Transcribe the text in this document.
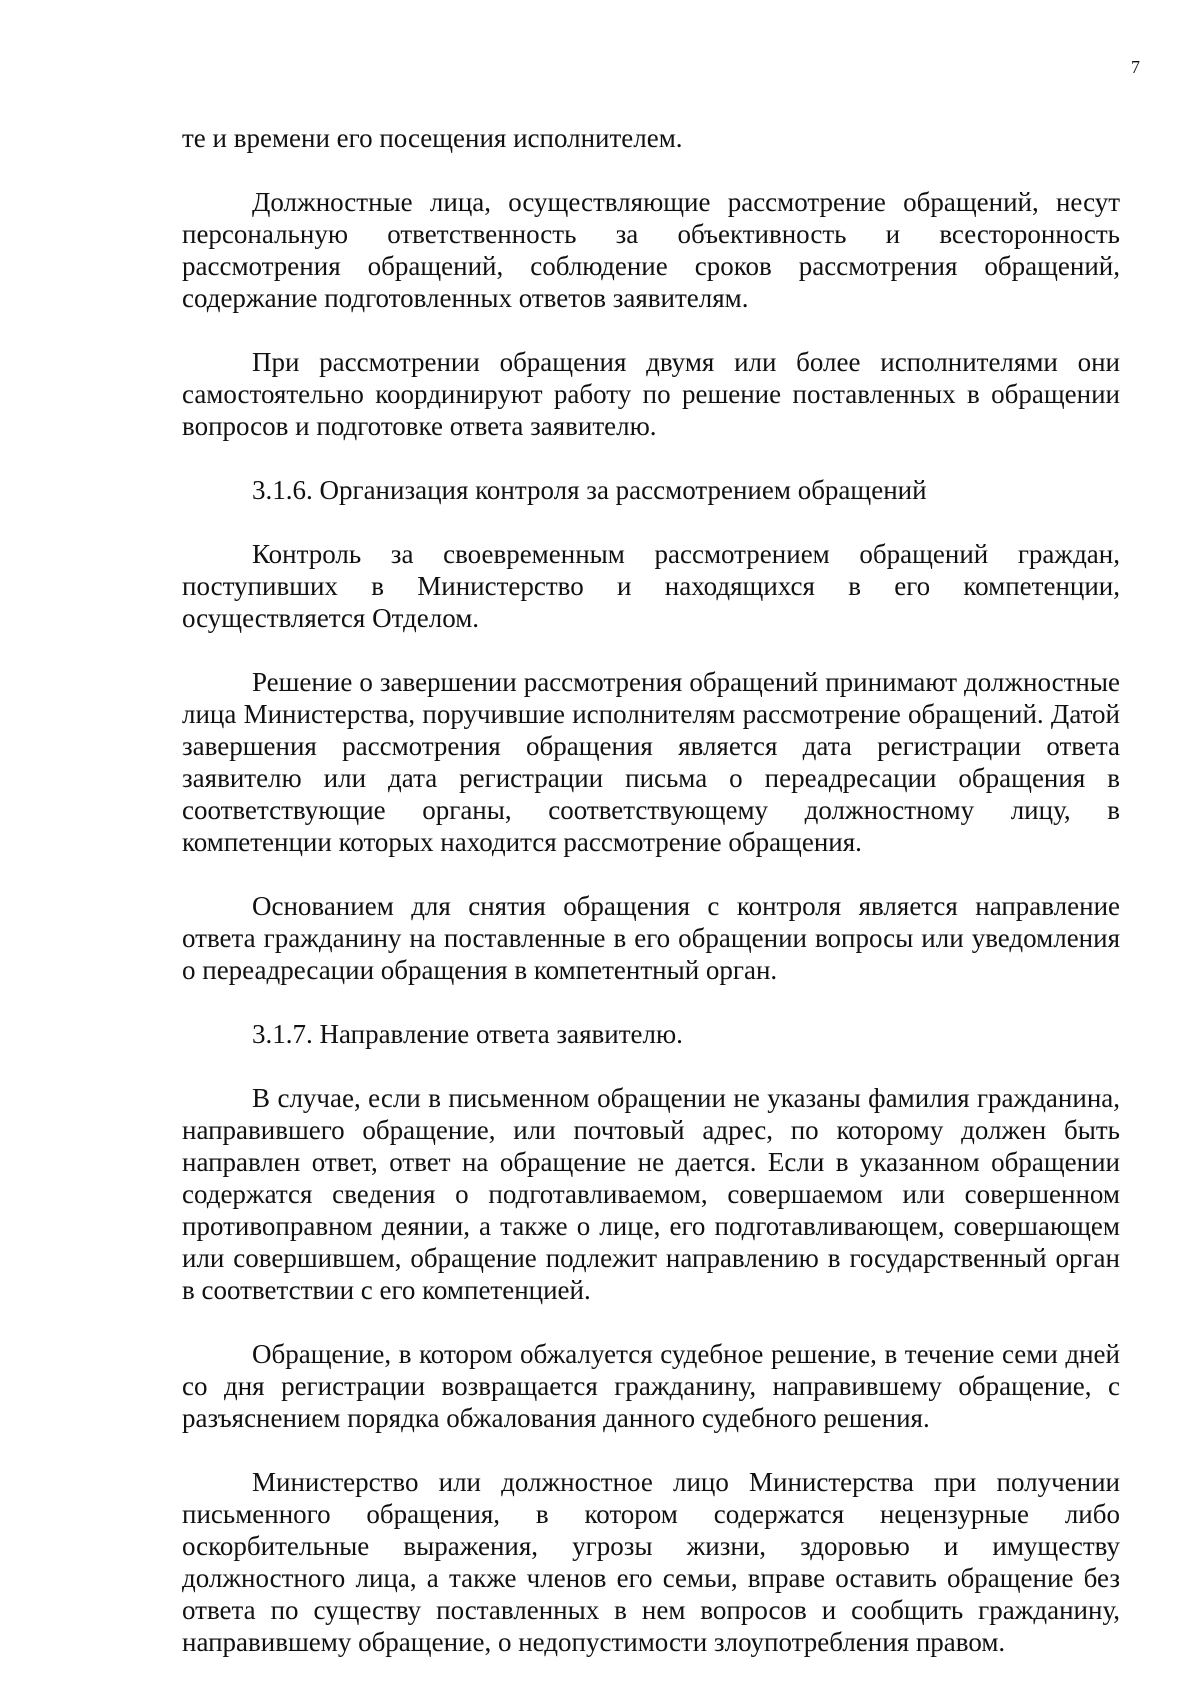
7

те и времени его посещения исполнителем.

Должностные лица, осуществляющие рассмотрение обращений, несут персональную ответственность за объективность и всесторонность рассмотрения обращений, соблюдение сроков рассмотрения обращений, содержание подготовленных ответов заявителям.

При рассмотрении обращения двумя или более исполнителями они самостоятельно координируют работу по решение поставленных в обращении вопросов и подготовке ответа заявителю.

3.1.6. Организация контроля за рассмотрением обращений

Контроль за своевременным рассмотрением обращений граждан, поступивших в Министерство и находящихся в его компетенции, осуществляется Отделом.

Решение о завершении рассмотрения обращений принимают должностные лица Министерства, поручившие исполнителям рассмотрение обращений. Датой завершения рассмотрения обращения является дата регистрации ответа заявителю или дата регистрации письма о переадресации обращения в соответствующие органы, соответствующему должностному лицу, в компетенции которых находится рассмотрение обращения.

Основанием для снятия обращения с контроля является направление ответа гражданину на поставленные в его обращении вопросы или уведомления о переадресации обращения в компетентный орган.

3.1.7. Направление ответа заявителю.

В случае, если в письменном обращении не указаны фамилия гражданина, направившего обращение, или почтовый адрес, по которому должен быть направлен ответ, ответ на обращение не дается. Если в указанном обращении содержатся сведения о подготавливаемом, совершаемом или совершенном противоправном деянии, а также о лице, его подготавливающем, совершающем или совершившем, обращение подлежит направлению в государственный орган в соответствии с его компетенцией.

Обращение, в котором обжалуется судебное решение, в течение семи дней со дня регистрации возвращается гражданину, направившему обращение, с разъяснением порядка обжалования данного судебного решения.

Министерство или должностное лицо Министерства при получении письменного обращения, в котором содержатся нецензурные либо оскорбительные выражения, угрозы жизни, здоровью и имуществу должностного лица, а также членов его семьи, вправе оставить обращение без ответа по существу поставленных в нем вопросов и сообщить гражданину, направившему обращение, о недопустимости злоупотребления правом.
